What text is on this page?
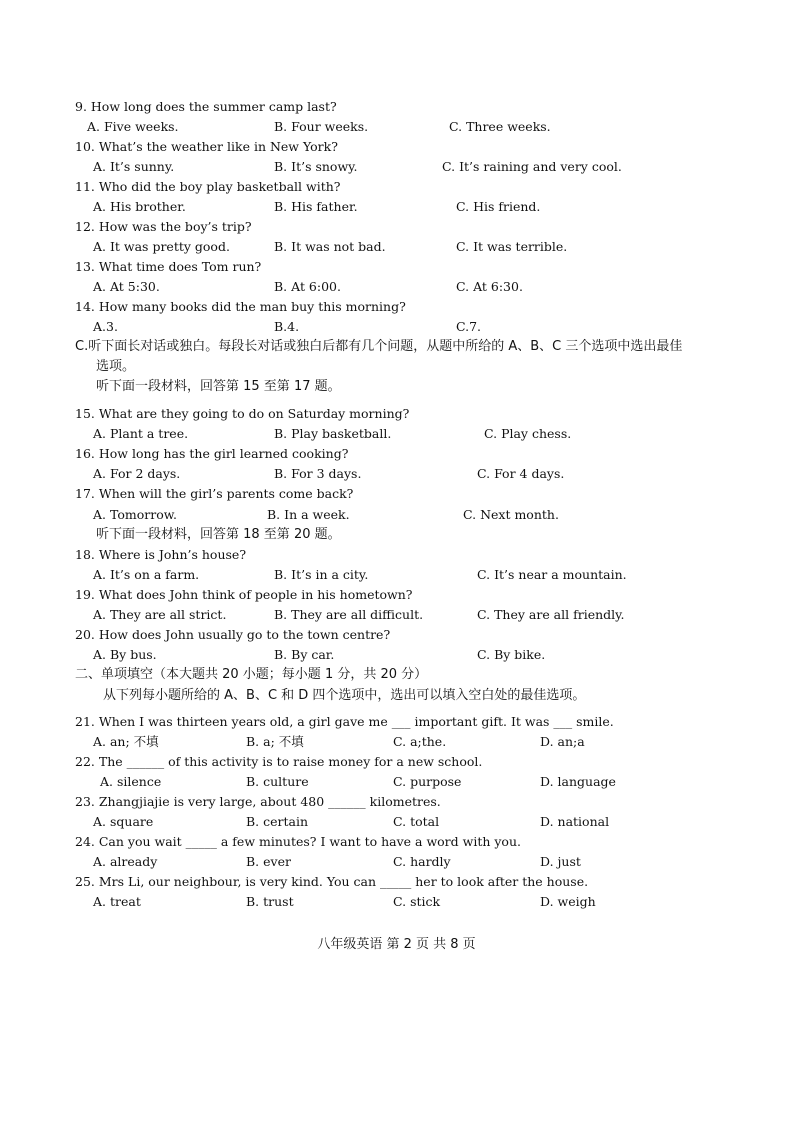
9. How long does the summer camp last?
A. Five weeks.	B. Four weeks.	C. Three weeks.
10. What’s the weather like in New York?
A. It’s sunny.	B. It’s snowy.	C. It’s raining and very cool.
11. Who did the boy play basketball with?
A. His brother.	B. His father.	C. His friend.
12. How was the boy’s trip?
A. It was pretty good.	B. It was not bad.	C. It was terrible.
13. What time does Tom run?
A. At 5:30.	B. At 6:00.	C. At 6:30.
14. How many books did the man buy this morning?
A.3.	B.4.	C.7.
C.听下面长对话或独白。每段长对话或独白后都有几个问题，从题中所给的 A、B、C 三个选项中选出最佳
选项。
听下面一段材料，回答第 15 至第 17 题。
15. What are they going to do on Saturday morning?
A. Plant a tree.	B. Play basketball.	C. Play chess.
16. How long has the girl learned cooking?
A. For 2 days.	B. For 3 days.	C. For 4 days.
17. When will the girl’s parents come back?
A. Tomorrow.	B. In a week.	C. Next month.
听下面一段材料，回答第 18 至第 20 题。
18. Where is John’s house?
A. It’s on a farm.	B. It’s in a city.	C. It’s near a mountain.
19. What does John think of people in his hometown?
A. They are all strict.	B. They are all difficult.	C. They are all friendly.
20. How does John usually go to the town centre?
A. By bus.	B. By car.	C. By bike.
二、单项填空（本大题共 20 小题；每小题 1 分，共 20 分）
从下列每小题所给的 A、B、C 和 D 四个选项中，选出可以填入空白处的最佳选项。
21. When I was thirteen years old, a girl gave me ___ important gift. It was ___ smile.
A. an; 不填	B. a; 不填	C. a;the.	D. an;a
22. The ______ of this activity is to raise money for a new school.
A. silence	B. culture	C. purpose	D. language
23. Zhangjiajie is very large, about 480 ______ kilometres.
A. square	B. certain	C. total	D. national
24. Can you wait _____ a few minutes? I want to have a word with you.
A. already	B. ever	C. hardly	D. just
25. Mrs Li, our neighbour, is very kind. You can _____ her to look after the house.
A. treat	B. trust	C. stick	D. weigh
八年级英语 第 2 页 共 8 页
